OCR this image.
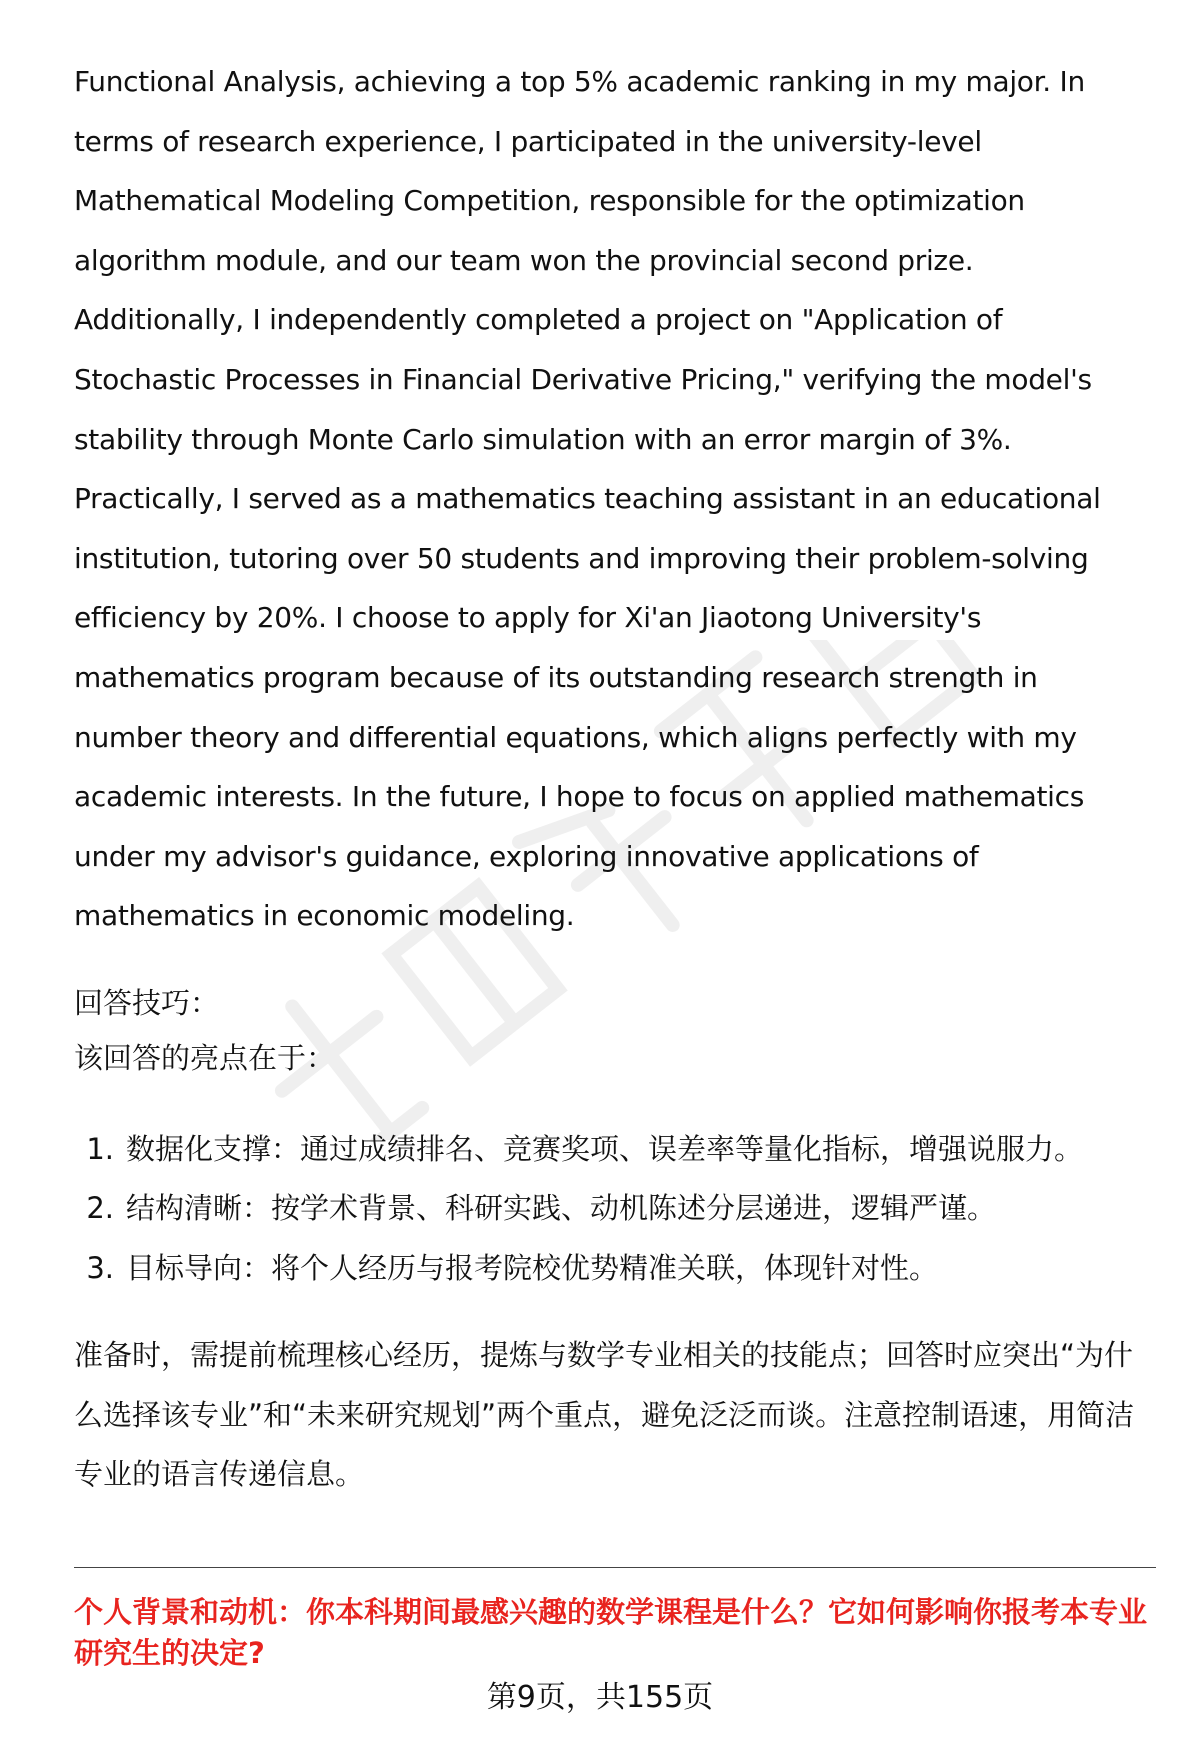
Functional Analysis, achieving a top 5% academic ranking in my major. In terms of research experience, I participated in the university-level Mathematical Modeling Competition, responsible for the optimization algorithm module, and our team won the provincial second prize. Additionally, I independently completed a project on "Application of Stochastic Processes in Financial Derivative Pricing," verifying the model's stability through Monte Carlo simulation with an error margin of 3%. Practically, I served as a mathematics teaching assistant in an educational institution, tutoring over 50 students and improving their problem-solving efficiency by 20%. I choose to apply for Xi'an Jiaotong University's mathematics program because of its outstanding research strength in number theory and differential equations, which aligns perfectly with my academic interests. In the future, I hope to focus on applied mathematics under my advisor's guidance, exploring innovative applications of mathematics in economic modeling.

回答技巧：

该回答的亮点在于：

1. 数据化支撑：通过成绩排名、竞赛奖项、误差率等量化指标，增强说服力。
2. 结构清晰：按学术背景、科研实践、动机陈述分层递进，逻辑严谨。
3. 目标导向：将个人经历与报考院校优势精准关联，体现针对性。

准备时，需提前梳理核心经历，提炼与数学专业相关的技能点；回答时应突出“为什么选择该专业”和“未来研究规划”两个重点，避免泛泛而谈。注意控制语速，用简洁专业的语言传递信息。

个人背景和动机：你本科期间最感兴趣的数学课程是什么？它如何影响你报考本专业研究生的决定?

第9页，共155页
